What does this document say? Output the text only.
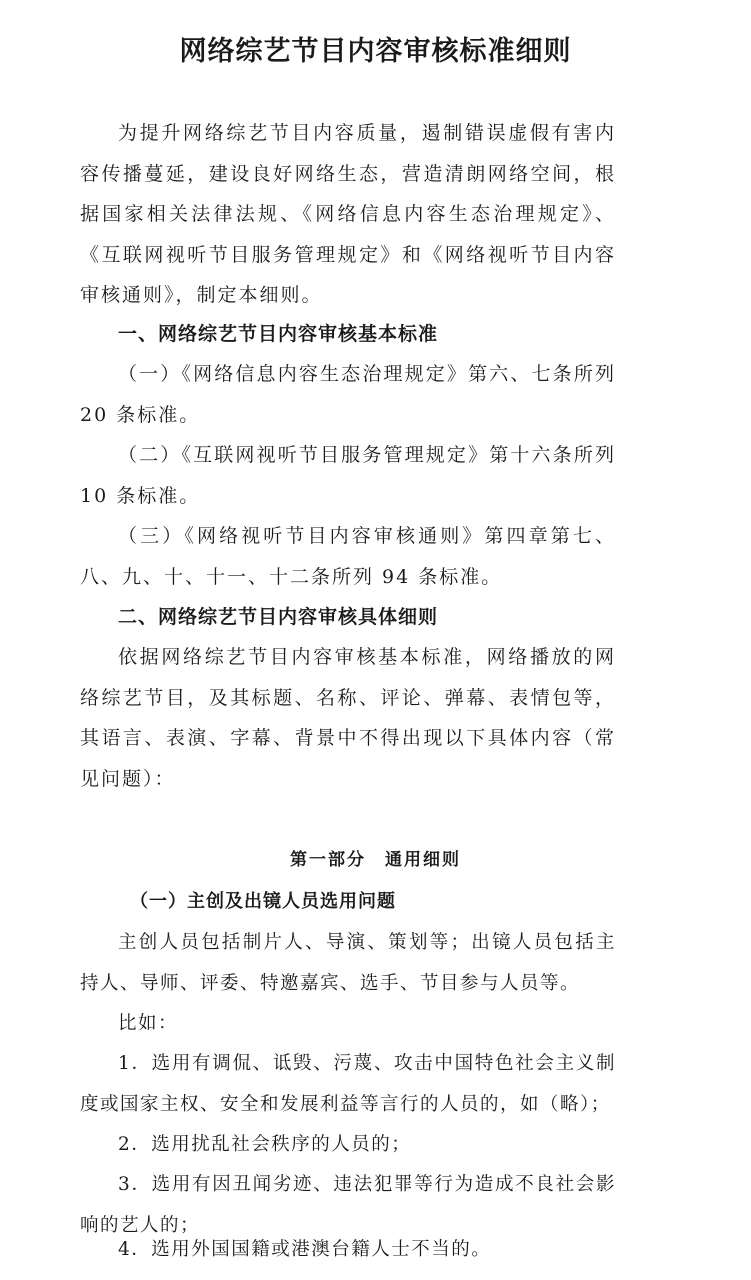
网络综艺节目内容审核标准细则

为提升网络综艺节目内容质量，遏制错误虚假有害内容传播蔓延，建设良好网络生态，营造清朗网络空间，根据国家相关法律法规、《网络信息内容生态治理规定》、《互联网视听节目服务管理规定》和《网络视听节目内容审核通则》，制定本细则。

一、网络综艺节目内容审核基本标准

（一）《网络信息内容生态治理规定》第六、七条所列 20 条标准。

（二）《互联网视听节目服务管理规定》第十六条所列 10 条标准。

（三）《网络视听节目内容审核通则》第四章第七、八、九、十、十一、十二条所列 94 条标准。

二、网络综艺节目内容审核具体细则

依据网络综艺节目内容审核基本标准，网络播放的网络综艺节目，及其标题、名称、评论、弹幕、表情包等，其语言、表演、字幕、背景中不得出现以下具体内容（常见问题）：

第一部分　通用细则

（一）主创及出镜人员选用问题

主创人员包括制片人、导演、策划等；出镜人员包括主持人、导师、评委、特邀嘉宾、选手、节目参与人员等。

比如：

1．选用有调侃、诋毁、污蔑、攻击中国特色社会主义制度或国家主权、安全和发展利益等言行的人员的，如（略）；

2．选用扰乱社会秩序的人员的；

3．选用有因丑闻劣迹、违法犯罪等行为造成不良社会影响的艺人的；

4．选用外国国籍或港澳台籍人士不当的。
